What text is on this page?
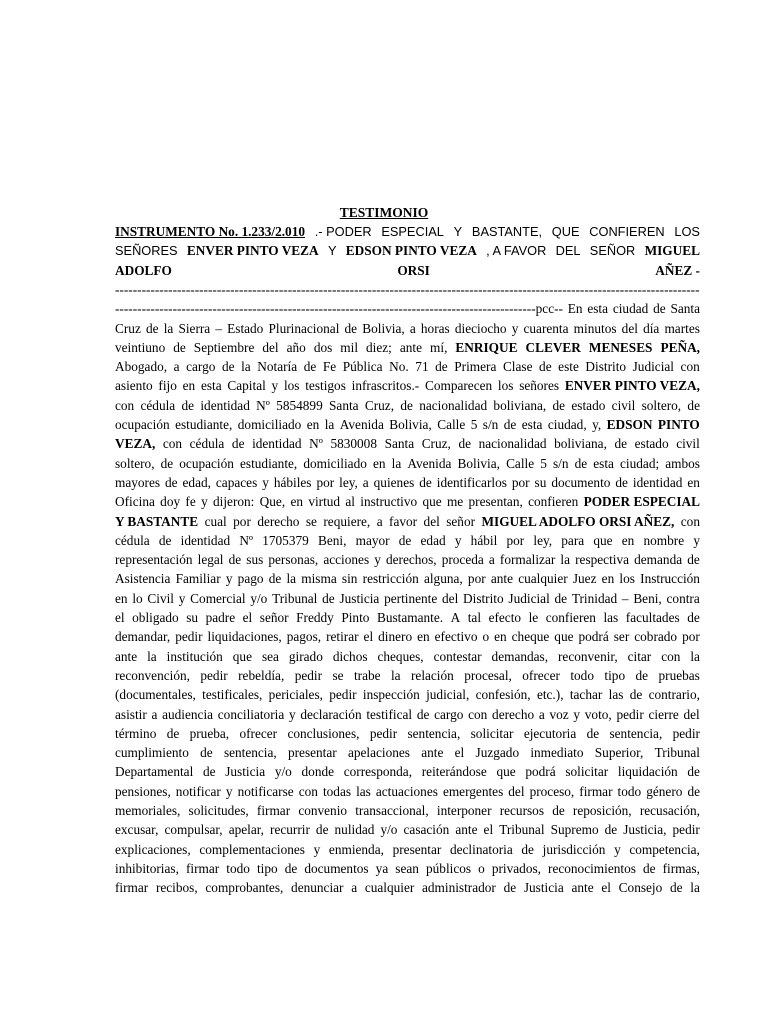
TESTIMONIO
INSTRUMENTO No. 1.233/2.010 .- PODER ESPECIAL Y BASTANTE, QUE CONFIEREN LOS
SEÑORES ENVER PINTO VEZA Y EDSON PINTO VEZA , A FAVOR DEL SEÑOR MIGUEL
ADOLFO	ORSI	AÑEZ -
------------------------------------------------------------------------------------------------------------------------------------
-----------------------------------------------------------------------------------------------pcc-- En esta ciudad de Santa
Cruz de la Sierra – Estado Plurinacional de Bolivia, a horas dieciocho y cuarenta minutos del día martes
veintiuno de Septiembre del año dos mil diez; ante mí, ENRIQUE CLEVER MENESES PEÑA,
Abogado, a cargo de la Notaría de Fe Pública No. 71 de Primera Clase de este Distrito Judicial con
asiento fijo en esta Capital y los testigos infrascritos.- Comparecen los señores ENVER PINTO VEZA,
con cédula de identidad Nº 5854899 Santa Cruz, de nacionalidad boliviana, de estado civil soltero, de
ocupación estudiante, domiciliado en la Avenida Bolivia, Calle 5 s/n de esta ciudad, y, EDSON PINTO
VEZA, con cédula de identidad Nº 5830008 Santa Cruz, de nacionalidad boliviana, de estado civil
soltero, de ocupación estudiante, domiciliado en la Avenida Bolivia, Calle 5 s/n de esta ciudad; ambos
mayores de edad, capaces y hábiles por ley, a quienes de identificarlos por su documento de identidad en
Oficina doy fe y dijeron: Que, en virtud al instructivo que me presentan, confieren PODER ESPECIAL
Y BASTANTE cual por derecho se requiere, a favor del señor MIGUEL ADOLFO ORSI AÑEZ, con
cédula de identidad Nº 1705379 Beni, mayor de edad y hábil por ley, para que en nombre y
representación legal de sus personas, acciones y derechos, proceda a formalizar la respectiva demanda de
Asistencia Familiar y pago de la misma sin restricción alguna, por ante cualquier Juez en los Instrucción
en lo Civil y Comercial y/o Tribunal de Justicia pertinente del Distrito Judicial de Trinidad – Beni, contra
el obligado su padre el señor Freddy Pinto Bustamante. A tal efecto le confieren las facultades de
demandar, pedir liquidaciones, pagos, retirar el dinero en efectivo o en cheque que podrá ser cobrado por
ante la institución que sea girado dichos cheques, contestar demandas, reconvenir, citar con la
reconvención, pedir rebeldía, pedir se trabe la relación procesal, ofrecer todo tipo de pruebas
(documentales, testificales, periciales, pedir inspección judicial, confesión, etc.), tachar las de contrario,
asistir a audiencia conciliatoria y declaración testifical de cargo con derecho a voz y voto, pedir cierre del
término de prueba, ofrecer conclusiones, pedir sentencia, solicitar ejecutoria de sentencia, pedir
cumplimiento de sentencia, presentar apelaciones ante el Juzgado inmediato Superior, Tribunal
Departamental de Justicia y/o donde corresponda, reiterándose que podrá solicitar liquidación de
pensiones, notificar y notificarse con todas las actuaciones emergentes del proceso, firmar todo género de
memoriales, solicitudes, firmar convenio transaccional, interponer recursos de reposición, recusación,
excusar, compulsar, apelar, recurrir de nulidad y/o casación ante el Tribunal Supremo de Justicia, pedir
explicaciones, complementaciones y enmienda, presentar declinatoria de jurisdicción y competencia,
inhibitorias, firmar todo tipo de documentos ya sean públicos o privados, reconocimientos de firmas,
firmar recibos, comprobantes, denunciar a cualquier administrador de Justicia ante el Consejo de la
